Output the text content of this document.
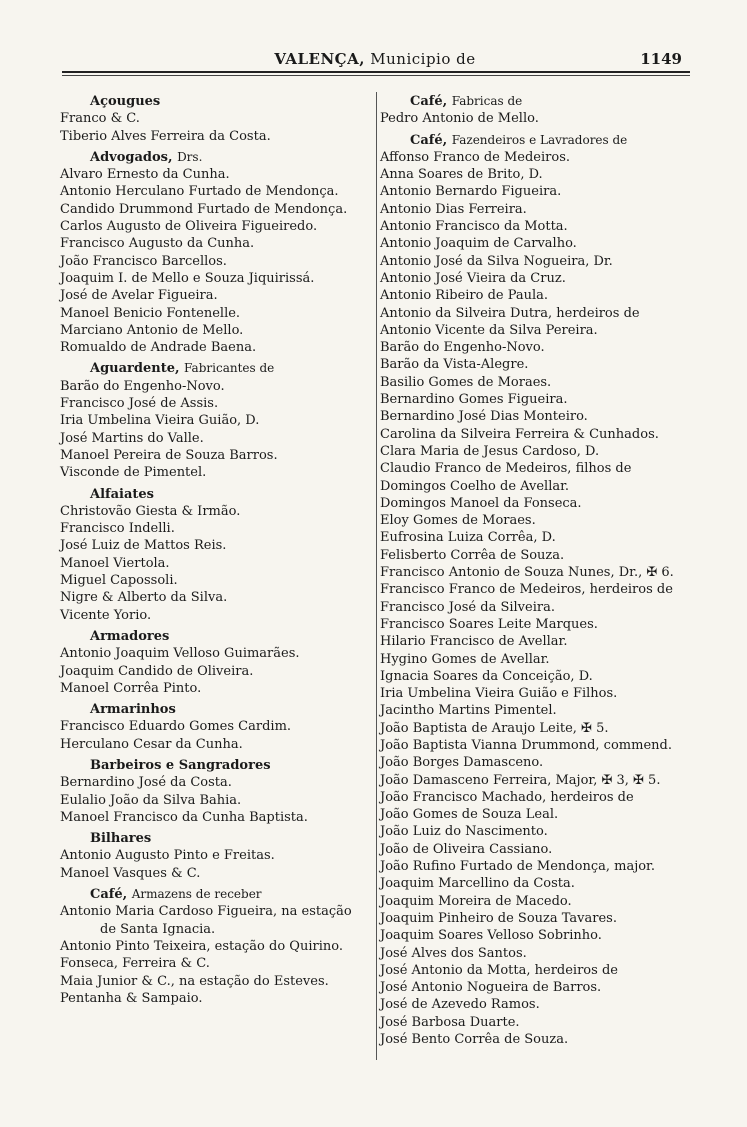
VALENÇA, Municipio de	1149
Açougues
Franco & C.
Tiberio Alves Ferreira da Costa.
Advogados, Drs.
Alvaro Ernesto da Cunha.
Antonio Herculano Furtado de Mendonça.
Candido Drummond Furtado de Mendonça.
Carlos Augusto de Oliveira Figueiredo.
Francisco Augusto da Cunha.
João Francisco Barcellos.
Joaquim I. de Mello e Souza Jiquirissá.
José de Avelar Figueira.
Manoel Benicio Fontenelle.
Marciano Antonio de Mello.
Romualdo de Andrade Baena.
Aguardente, Fabricantes de
Barão do Engenho-Novo.
Francisco José de Assis.
Iria Umbelina Vieira Guião, D.
José Martins do Valle.
Manoel Pereira de Souza Barros.
Visconde de Pimentel.
Alfaiates
Christovão Giesta & Irmão.
Francisco Indelli.
José Luiz de Mattos Reis.
Manoel Viertola.
Miguel Capossoli.
Nigre & Alberto da Silva.
Vicente Yorio.
Armadores
Antonio Joaquim Velloso Guimarães.
Joaquim Candido de Oliveira.
Manoel Corrêa Pinto.
Armarinhos
Francisco Eduardo Gomes Cardim.
Herculano Cesar da Cunha.
Barbeiros e Sangradores
Bernardino José da Costa.
Eulalio João da Silva Bahia.
Manoel Francisco da Cunha Baptista.
Bilhares
Antonio Augusto Pinto e Freitas.
Manoel Vasques & C.
Café, Armazens de receber
Antonio Maria Cardoso Figueira, na estação
de Santa Ignacia.
Antonio Pinto Teixeira, estação do Quirino.
Fonseca, Ferreira & C.
Maia Junior & C., na estação do Esteves.
Pentanha & Sampaio.
Café, Fabricas de
Pedro Antonio de Mello.
Café, Fazendeiros e Lavradores de
Affonso Franco de Medeiros.
Anna Soares de Brito, D.
Antonio Bernardo Figueira.
Antonio Dias Ferreira.
Antonio Francisco da Motta.
Antonio Joaquim de Carvalho.
Antonio José da Silva Nogueira, Dr.
Antonio José Vieira da Cruz.
Antonio Ribeiro de Paula.
Antonio da Silveira Dutra, herdeiros de
Antonio Vicente da Silva Pereira.
Barão do Engenho-Novo.
Barão da Vista-Alegre.
Basilio Gomes de Moraes.
Bernardino Gomes Figueira.
Bernardino José Dias Monteiro.
Carolina da Silveira Ferreira & Cunhados.
Clara Maria de Jesus Cardoso, D.
Claudio Franco de Medeiros, filhos de
Domingos Coelho de Avellar.
Domingos Manoel da Fonseca.
Eloy Gomes de Moraes.
Eufrosina Luiza Corrêa, D.
Felisberto Corrêa de Souza.
Francisco Antonio de Souza Nunes, Dr., ✠ 6.
Francisco Franco de Medeiros, herdeiros de
Francisco José da Silveira.
Francisco Soares Leite Marques.
Hilario Francisco de Avellar.
Hygino Gomes de Avellar.
Ignacia Soares da Conceição, D.
Iria Umbelina Vieira Guião e Filhos.
Jacintho Martins Pimentel.
João Baptista de Araujo Leite, ✠ 5.
João Baptista Vianna Drummond, commend.
João Borges Damasceno.
João Damasceno Ferreira, Major, ✠ 3, ✠ 5.
João Francisco Machado, herdeiros de
João Gomes de Souza Leal.
João Luiz do Nascimento.
João de Oliveira Cassiano.
João Rufino Furtado de Mendonça, major.
Joaquim Marcellino da Costa.
Joaquim Moreira de Macedo.
Joaquim Pinheiro de Souza Tavares.
Joaquim Soares Velloso Sobrinho.
José Alves dos Santos.
José Antonio da Motta, herdeiros de
José Antonio Nogueira de Barros.
José de Azevedo Ramos.
José Barbosa Duarte.
José Bento Corrêa de Souza.
